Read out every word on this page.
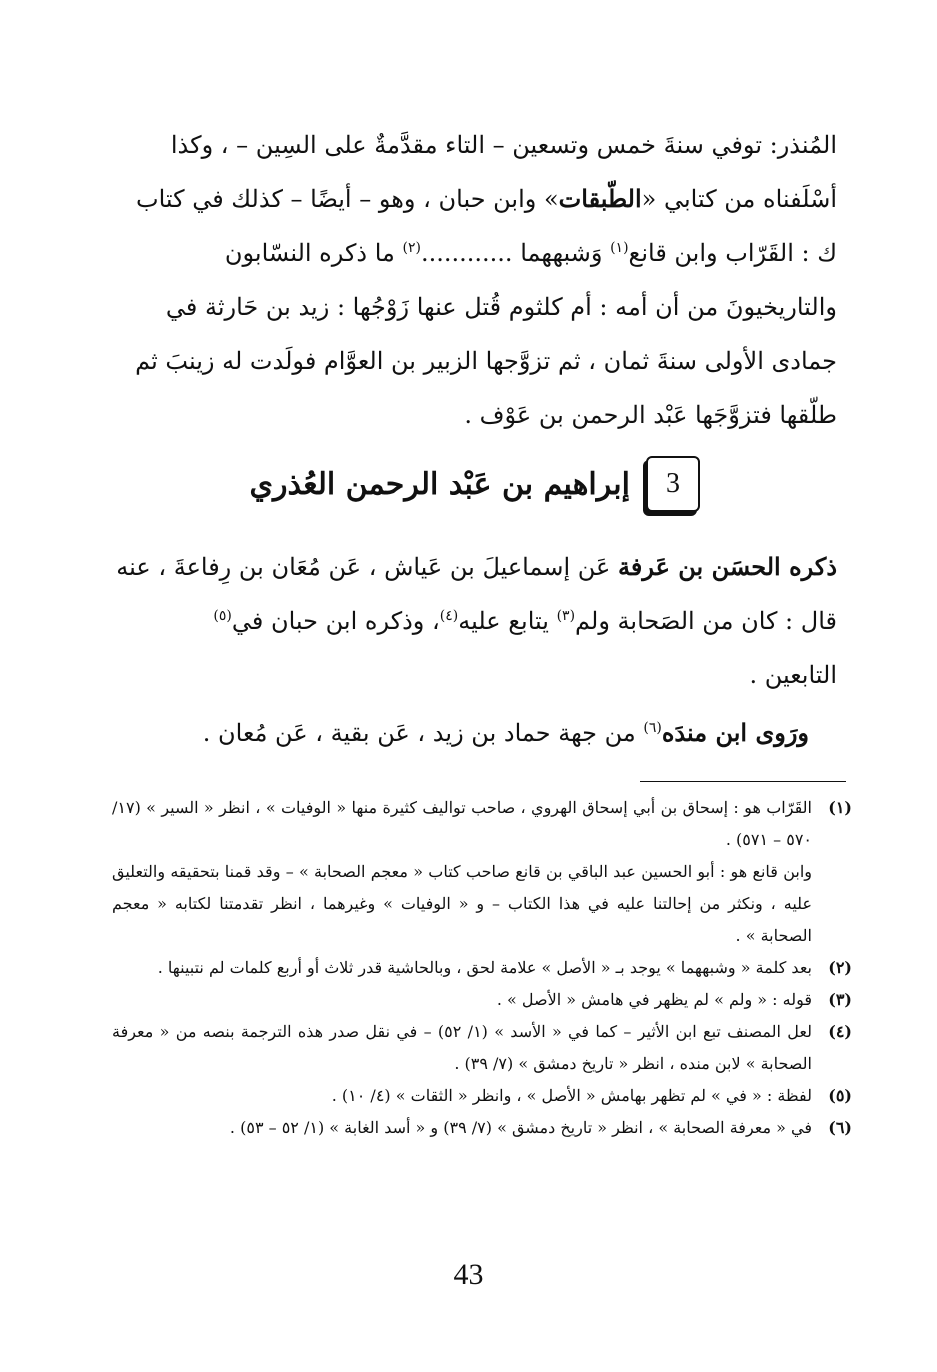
المُنذر: توفي سنةَ خمس وتسعين – التاء مقدَّمةٌ على السِين – ، وكذا

أسْلَفناه من كتابي «الطّبقات» وابن حبان ، وهو – أيضًا – كذلك في كتاب

ك : القَرّاب وابن قانع$^{(١)}$ وَشبههما ............$^{(٢)}$ ما ذكره النسّابون

والتاريخيونَ من أن أمه : أم كلثوم قُتل عنها زَوْجُها : زيد بن حَارثة في

جمادى الأولى سنةَ ثمان ، ثم تزوَّجها الزبير بن العوَّام فولَدت له زينبَ ثم

طلّقها فتزوَّجَها عَبْد الرحمن بن عَوْف .

3
إبراهيم بن عَبْد الرحمن العُذري

ذكره الحسَن بن عَرفة عَن إسماعيلَ بن عَياش ، عَن مُعَان بن رِفاعةَ ، عنه
قال : كان من الصَحابة ولم$^{(٣)}$ يتابع عليه$^{(٤)}$، وذكره ابن حبان في$^{(٥)}$
التابعين .

ورَوى ابن مندَه$^{(٦)}$ من جهة حماد بن زيد ، عَن بقية ، عَن مُعان .

(١)

القَرّاب هو : إسحاق بن أبي إسحاق الهروي ، صاحب تواليف كثيرة منها « الوفيات » ، انظر « السير » (١٧/ ٥٧٠ – ٥٧١) .

وابن قانع هو : أبو الحسين عبد الباقي بن قانع صاحب كتاب « معجم الصحابة » – وقد قمنا بتحقيقه والتعليق عليه ، ونكثر من إحالتنا عليه في هذا الكتاب – و « الوفيات » وغيرهما ، انظر تقدمتنا لكتابه « معجم الصحابة » .

(٢)

بعد كلمة « وشبههما » يوجد بـ « الأصل » علامة لحق ، وبالحاشية قدر ثلاث أو أربع كلمات لم نتبينها .

(٣)

قوله : « ولم » لم يظهر في هامش « الأصل » .

(٤)

لعل المصنف تبع ابن الأثير – كما في « الأسد » (١/ ٥٢) – في نقل صدر هذه الترجمة بنصه من « معرفة الصحابة » لابن منده ، انظر « تاريخ دمشق » (٧/ ٣٩) .

(٥)

لفظة : « في » لم تظهر بهامش « الأصل » ، وانظر « الثقات » (٤/ ١٠) .

(٦)

في « معرفة الصحابة » ، انظر « تاريخ دمشق » (٧/ ٣٩) و « أسد الغابة » (١/ ٥٢ – ٥٣) .

43
